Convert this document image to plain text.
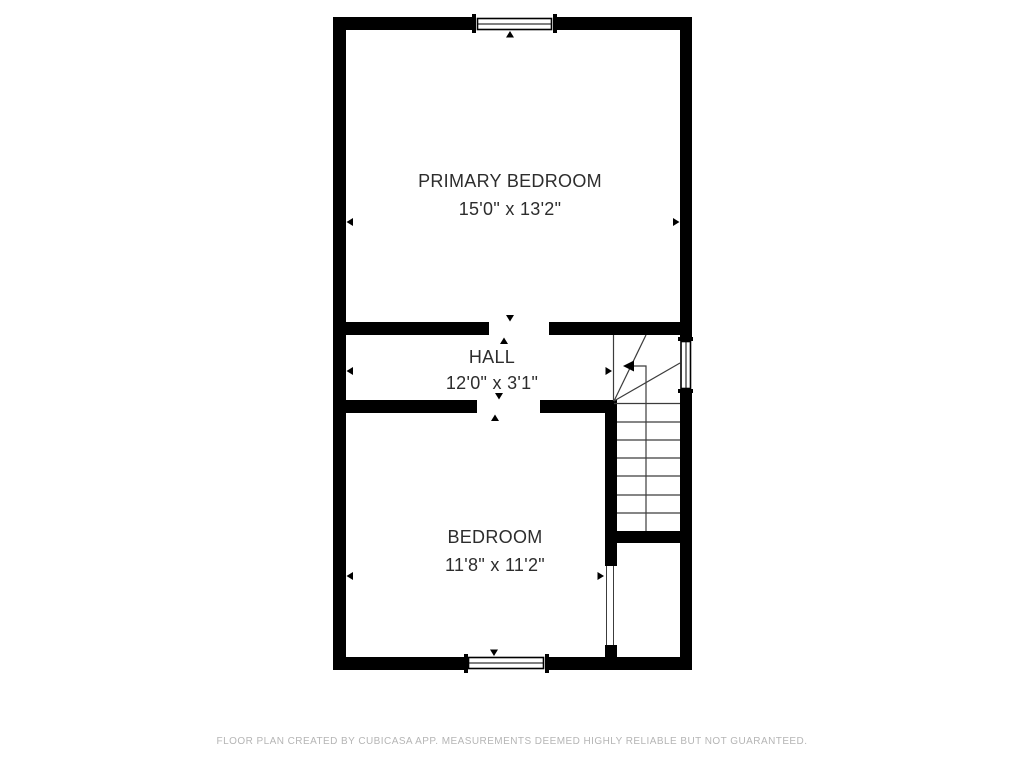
PRIMARY BEDROOM
15'0" x 13'2"
HALL
12'0" x 3'1"
BEDROOM
11'8" x 11'2"
FLOOR PLAN CREATED BY CUBICASA APP. MEASUREMENTS DEEMED HIGHLY RELIABLE BUT NOT GUARANTEED.
